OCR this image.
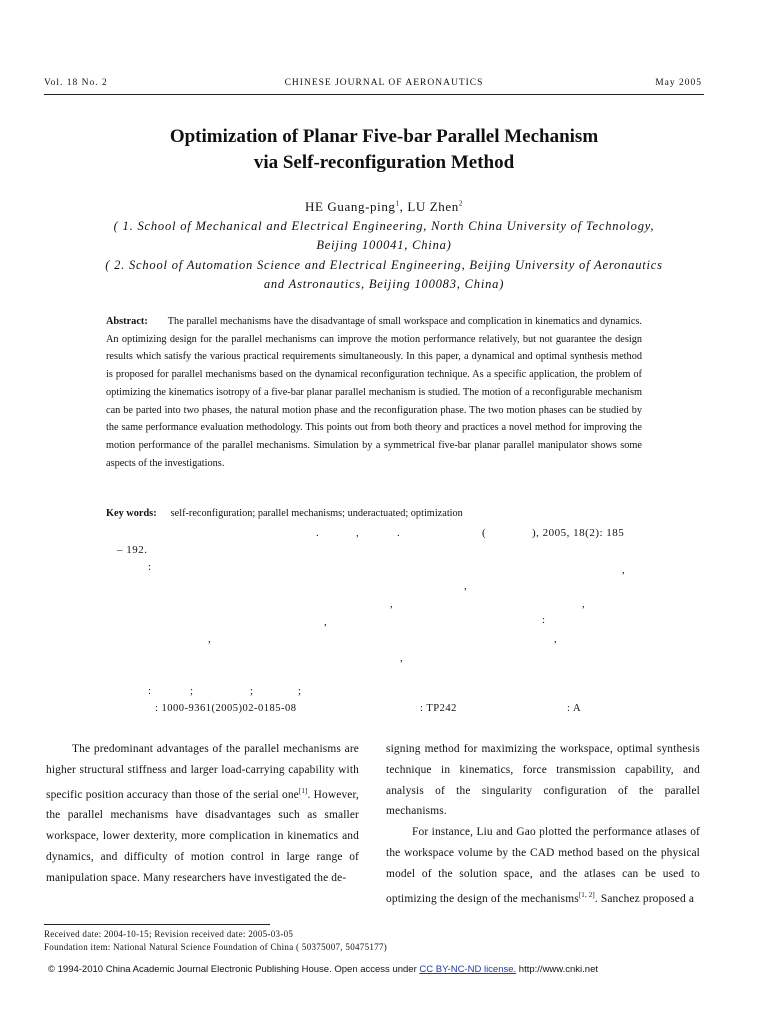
Vol. 18 No. 2	CHINESE JOURNAL OF AERONAUTICS	May 2005
Optimization of Planar Five-bar Parallel Mechanism
via Self-reconfiguration Method
HE Guang-ping$^1$, LU Zhen$^2$
( 1. School of Mechanical and Electrical Engineering, North China University of Technology,
Beijing 100041, China)
( 2. School of Automation Science and Electrical Engineering, Beijing University of Aeronautics
and Astronautics, Beijing 100083, China)
Abstract: The parallel mechanisms have the disadvantage of small workspace and complication in kinematics and dynamics. An optimizing design for the parallel mechanisms can improve the motion performance relatively, but not guarantee the design results which satisfy the various practical requirements simultaneously. In this paper, a dynamical and optimal synthesis method is proposed for parallel mechanisms based on the dynamical reconfiguration technique. As a specific application, the problem of optimizing the kinematics isotropy of a five-bar planar parallel mechanism is studied. The motion of a reconfigurable mechanism can be parted into two phases, the natural motion phase and the reconfiguration phase. The two motion phases can be studied by the same performance evaluation methodology. This points out from both theory and practices a novel method for improving the motion performance of the parallel mechanisms. Simulation by a symmetrical five-bar planar parallel manipulator shows some aspects of the investigations.
Key words: self-reconfiguration; parallel mechanisms; underactuated; optimization
.	,	.	(	), 2005, 18(2): 185
– 192.
:	,
,
,	,
,	:
,	,
,
:	;	;	;
: 1000-9361(2005)02-0185-08	: TP242	: A

The predominant advantages of the parallel mechanisms are higher structural stiffness and larger load-carrying capability with specific position accuracy than those of the serial one[1]. However, the parallel mechanisms have disadvantages such as smaller workspace, lower dexterity, more complication in kinematics and dynamics, and difficulty of motion control in large range of manipulation space. Many researchers have investigated the de-

signing method for maximizing the workspace, optimal synthesis technique in kinematics, force transmission capability, and analysis of the singularity configuration of the parallel mechanisms.

For instance, Liu and Gao plotted the performance atlases of the workspace volume by the CAD method based on the physical model of the solution space, and the atlases can be used to optimizing the design of the mechanisms[1, 2]. Sanchez proposed a

Received date: 2004-10-15; Revision received date: 2005-03-05
Foundation item: National Natural Science Foundation of China ( 50375007, 50475177)
© 1994-2010 China Academic Journal Electronic Publishing House. Open access under CC BY-NC-ND license. http://www.cnki.net
